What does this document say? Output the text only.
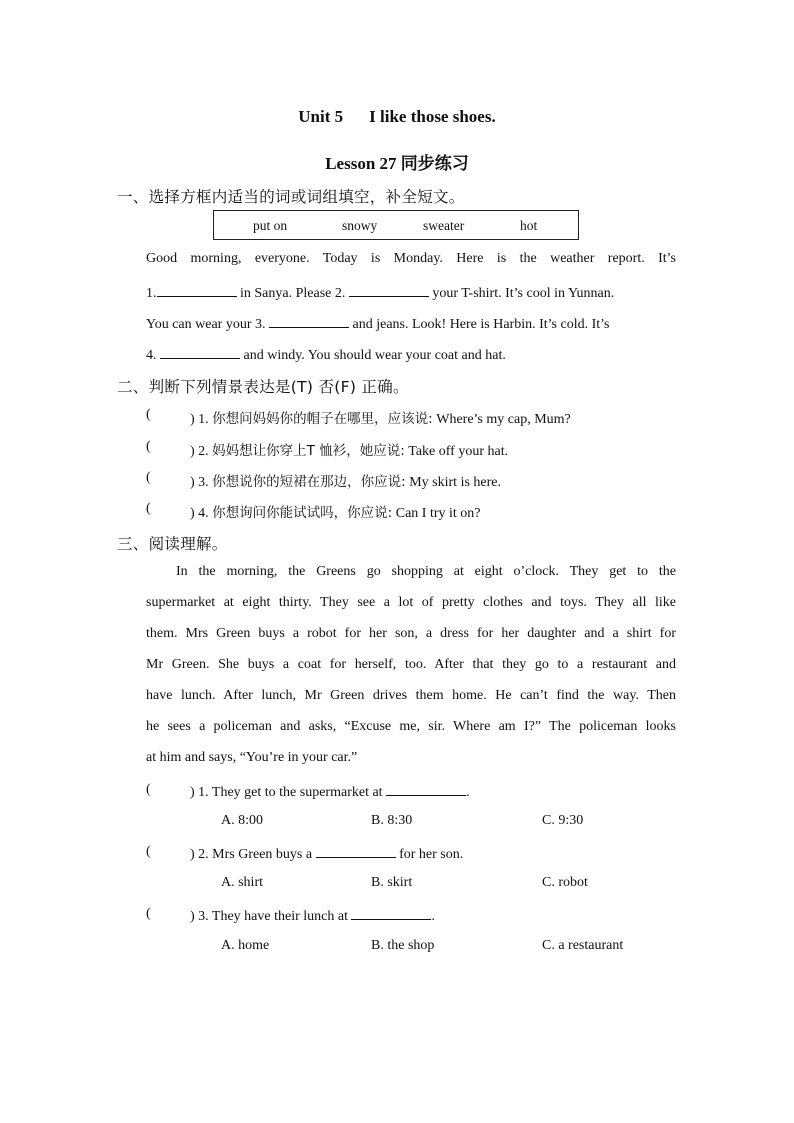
Unit 5 I like those shoes.
Lesson 27 同步练习
一、选择方框内适当的词或词组填空，补全短文。
put on	snowy	sweater	hot
Good morning, everyone. Today is Monday. Here is the weather report. It’s
1.	in Sanya. Please 2.	your T-shirt. It’s cool in Yunnan.
You can wear your 3.	and jeans. Look! Here is Harbin. It’s cold. It’s
4.	and windy. You should wear your coat and hat.
二、判断下列情景表达是(T) 否(F) 正确。
(	) 1. 你想问妈妈你的帽子在哪里，应该说: Where’s my cap, Mum?
(	) 2. 妈妈想让你穿上T 恤衫，她应说: Take off your hat.
(	) 3. 你想说你的短裙在那边，你应说: My skirt is here.
(	) 4. 你想询问你能试试吗，你应说: Can I try it on?
三、阅读理解。
In the morning, the Greens go shopping at eight o’clock. They get to the
supermarket at eight thirty. They see a lot of pretty clothes and toys. They all like
them. Mrs Green buys a robot for her son, a dress for her daughter and a shirt for
Mr Green. She buys a coat for herself, too. After that they go to a restaurant and
have lunch. After lunch, Mr Green drives them home. He can’t find the way. Then
he sees a policeman and asks, “Excuse me, sir. Where am I?” The policeman looks
at him and says, “You’re in your car.”
(	) 1. They get to the supermarket at	.
A. 8:00	B. 8:30	C. 9:30
(	) 2. Mrs Green buys a	for her son.
A. shirt	B. skirt	C. robot
(	) 3. They have their lunch at	.
A. home	B. the shop	C. a restaurant
